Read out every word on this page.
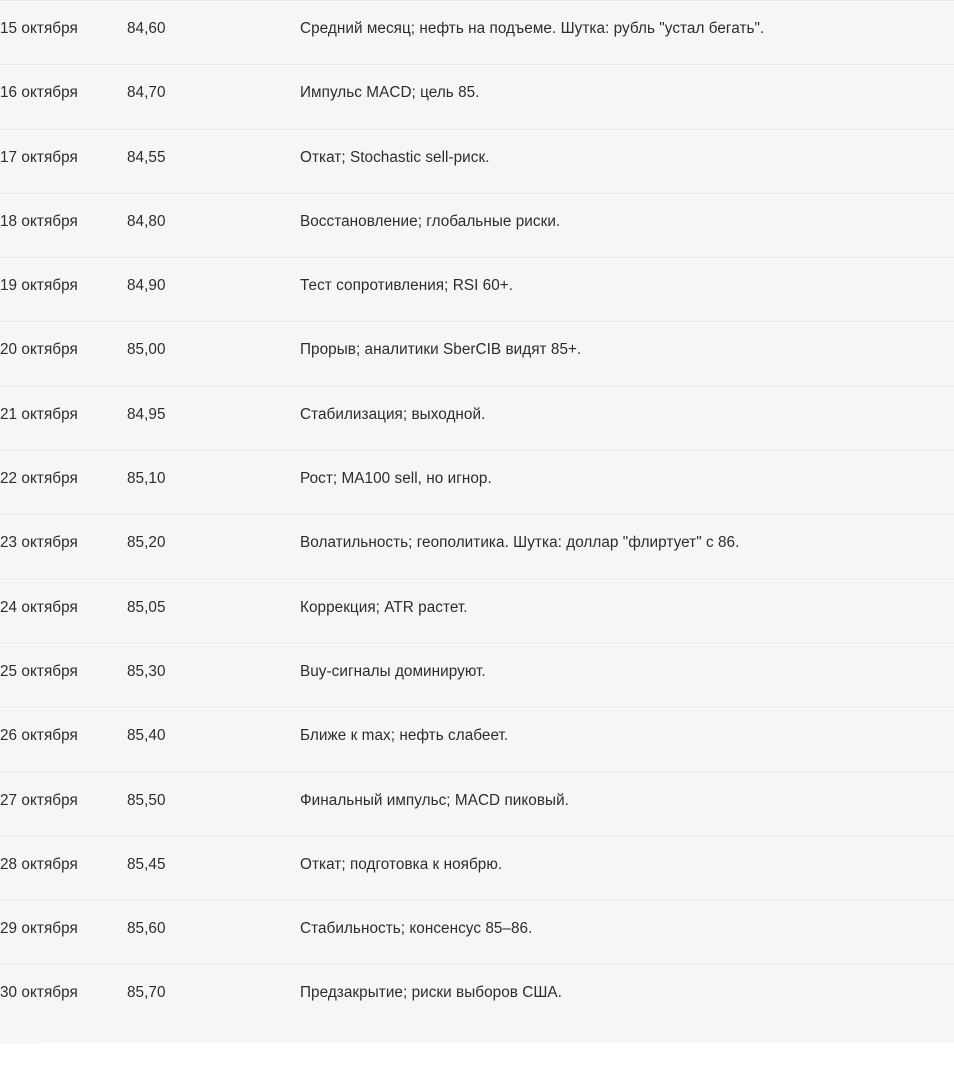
15 октября	84,60	Средний месяц; нефть на подъеме. Шутка: рубль "устал бегать".
16 октября	84,70	Импульс MACD; цель 85.
17 октября	84,55	Откат; Stochastic sell-риск.
18 октября	84,80	Восстановление; глобальные риски.
19 октября	84,90	Тест сопротивления; RSI 60+.
20 октября	85,00	Прорыв; аналитики SberCIB видят 85+.
21 октября	84,95	Стабилизация; выходной.
22 октября	85,10	Рост; MA100 sell, но игнор.
23 октября	85,20	Волатильность; геополитика. Шутка: доллар "флиртует" с 86.
24 октября	85,05	Коррекция; ATR растет.
25 октября	85,30	Buy-сигналы доминируют.
26 октября	85,40	Ближе к max; нефть слабеет.
27 октября	85,50	Финальный импульс; MACD пиковый.
28 октября	85,45	Откат; подготовка к ноябрю.
29 октября	85,60	Стабильность; консенсус 85–86.
30 октября	85,70	Предзакрытие; риски выборов США.
